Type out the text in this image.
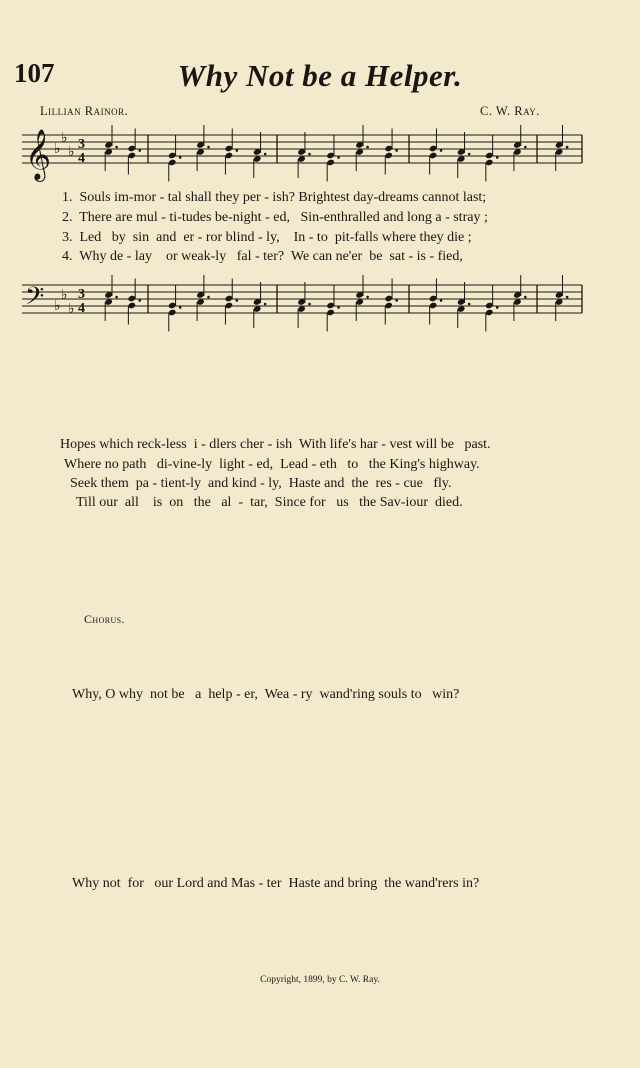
107	Why Not be a Helper.
Lillian Rainor.	C. W. Ray.
𝄞 ♭
♭
♭ 3
4
𝄢 ♭
♭
♭
3
4
1.  Souls im-mor - tal shall they per - ish? Brightest day-dreams cannot last;
2.  There are mul - ti-tudes be-night - ed,   Sin-enthralled and long a - stray ;
3.  Led   by  sin  and  er - ror blind - ly,    In - to  pit-falls where they die ;
4.  Why de - lay    or weak-ly   fal - ter?  We can ne'er  be  sat - is - fied,
Hopes which reck-less  i - dlers cher - ish  With life's har - vest will be   past.
Where no path   di-vine-ly  light - ed,  Lead - eth   to   the King's highway.
Seek them  pa - tient-ly  and kind - ly,  Haste and  the  res - cue   fly.
Till our  all    is  on   the   al  -  tar,  Since for   us   the Sav-iour  died.
Chorus.
Why, O why  not be   a  help - er,  Wea - ry  wand'ring souls to   win?
Why not  for   our Lord and Mas - ter  Haste and bring  the wand'rers in?
Copyright, 1899, by C. W. Ray.
